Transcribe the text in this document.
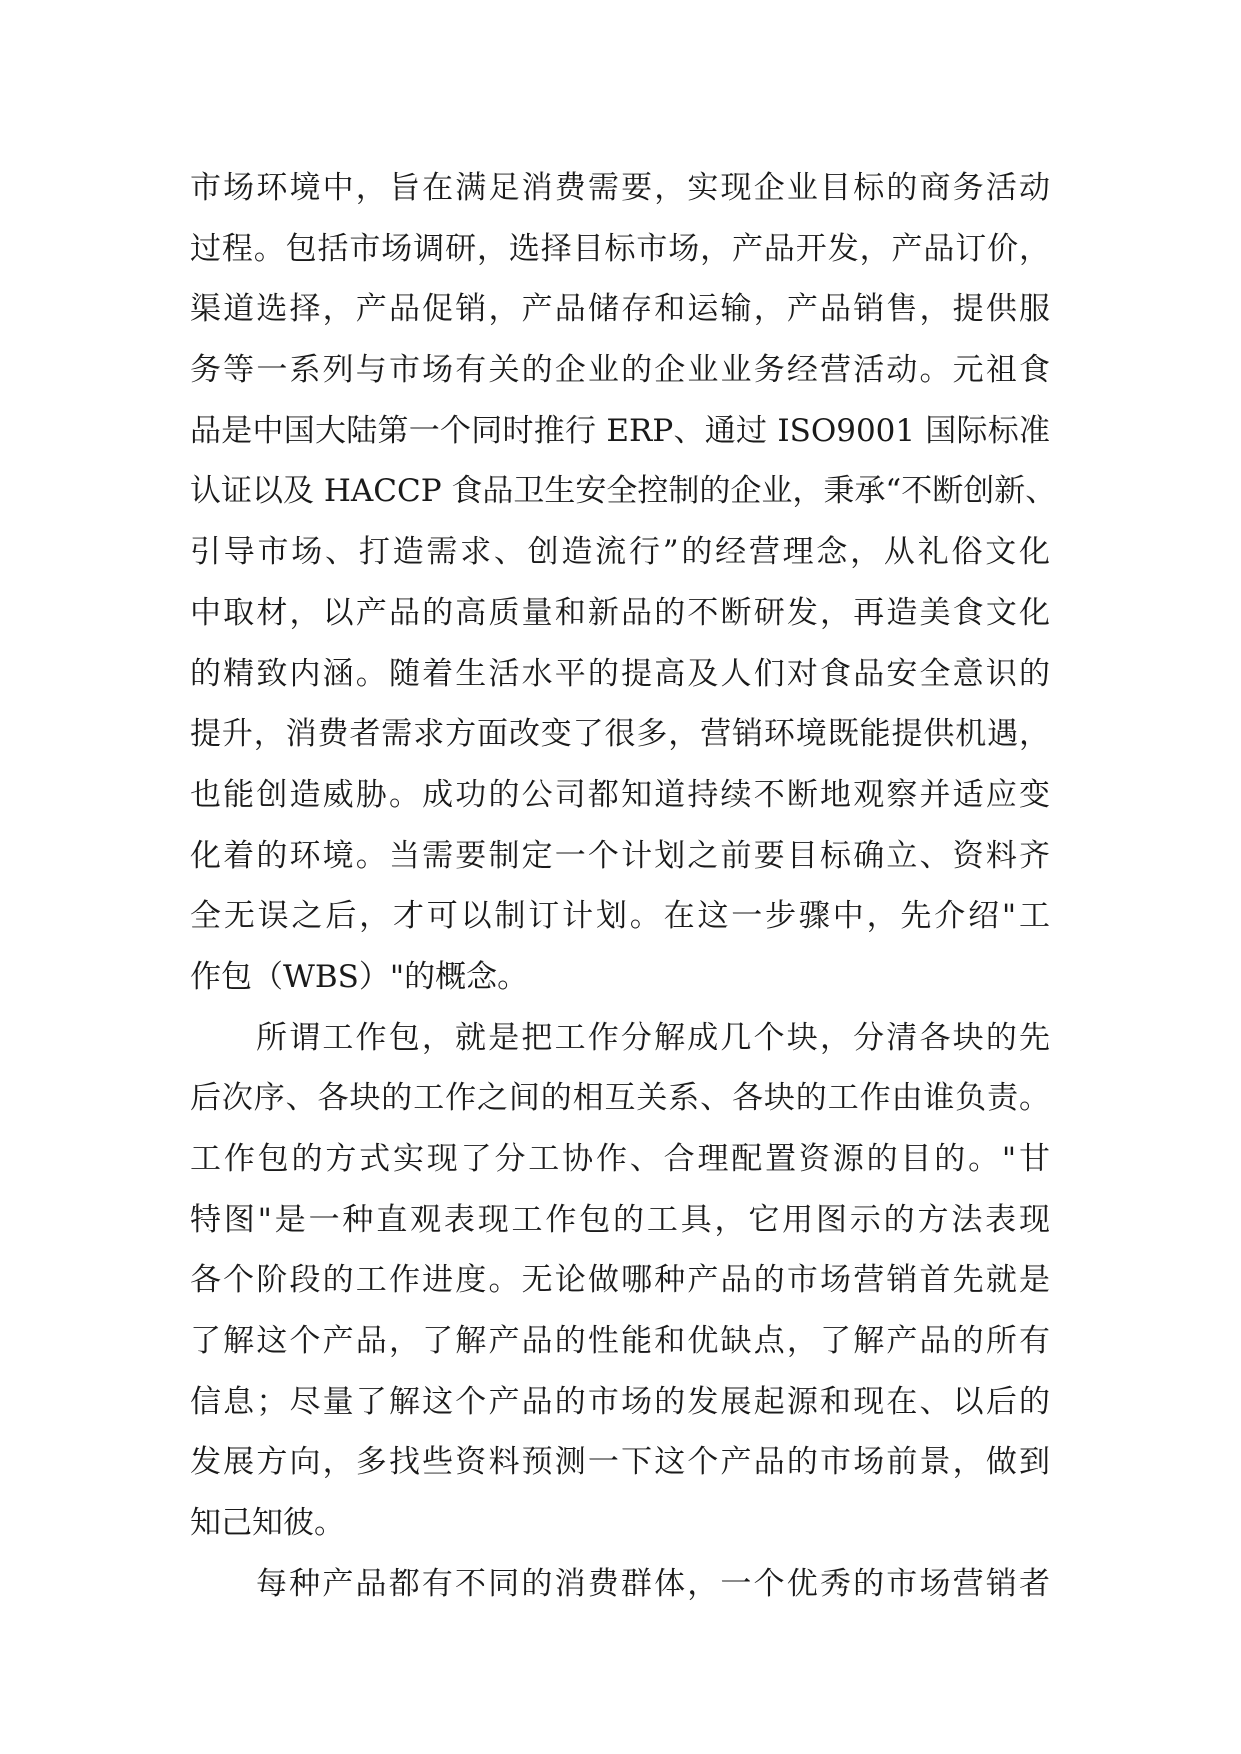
市场环境中，旨在满足消费需要，实现企业目标的商务活动
过程。包括市场调研，选择目标市场，产品开发，产品订价，
渠道选择，产品促销，产品储存和运输，产品销售，提供服
务等一系列与市场有关的企业的企业业务经营活动。元祖食
品是中国大陆第一个同时推行 ERP、通过 ISO9001 国际标准
认证以及 HACCP 食品卫生安全控制的企业，秉承“不断创新、
引导市场、打造需求、创造流行”的经营理念，从礼俗文化
中取材，以产品的高质量和新品的不断研发，再造美食文化
的精致内涵。随着生活水平的提高及人们对食品安全意识的
提升，消费者需求方面改变了很多，营销环境既能提供机遇，
也能创造威胁。成功的公司都知道持续不断地观察并适应变
化着的环境。当需要制定一个计划之前要目标确立、资料齐
全无误之后，才可以制订计划。在这一步骤中，先介绍"工
作包（WBS）"的概念。
所谓工作包，就是把工作分解成几个块，分清各块的先
后次序、各块的工作之间的相互关系、各块的工作由谁负责。
工作包的方式实现了分工协作、合理配置资源的目的。"甘
特图"是一种直观表现工作包的工具，它用图示的方法表现
各个阶段的工作进度。无论做哪种产品的市场营销首先就是
了解这个产品，了解产品的性能和优缺点，了解产品的所有
信息；尽量了解这个产品的市场的发展起源和现在、以后的
发展方向，多找些资料预测一下这个产品的市场前景，做到
知己知彼。
每种产品都有不同的消费群体，一个优秀的市场营销者
